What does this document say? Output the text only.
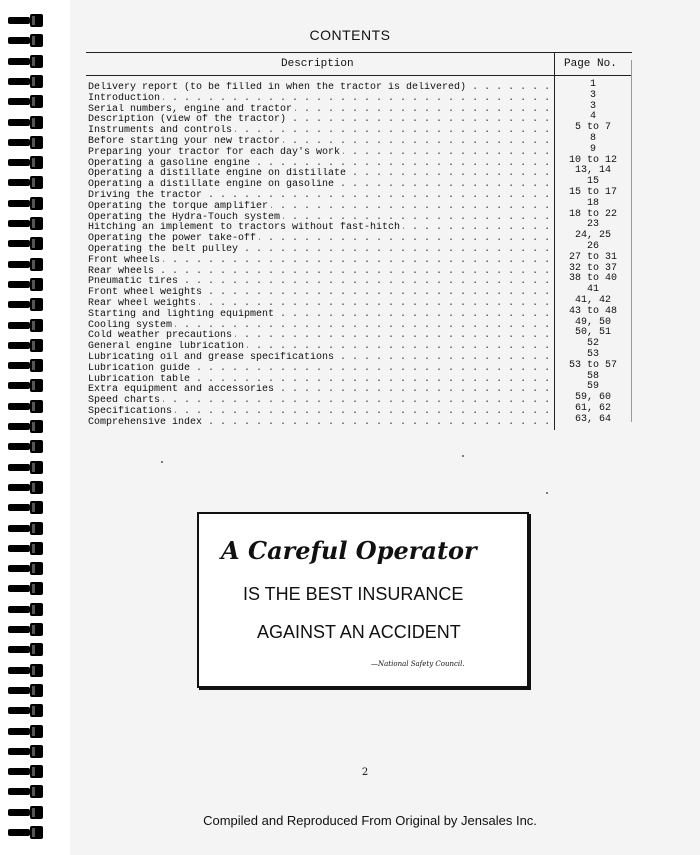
CONTENTS
Description	Page No.
Delivery report (to be filled in when the tractor is delivered) . . .	1
Introduction . . .	3
Serial numbers, engine and tractor . . .	3
Description (view of the tractor) . . .	4
Instruments and controls . . .	5 to 7
Before starting your new tractor . . .	8
Preparing your tractor for each day's work . . .	9
Operating a gasoline engine . . .	10 to 12
Operating a distillate engine on distillate . . .	13, 14
Operating a distillate engine on gasoline . . .	15
Driving the tractor . . .	15 to 17
Operating the torque amplifier . . .	18
Operating the Hydra-Touch system . . .	18 to 22
Hitching an implement to tractors without fast-hitch . . .	23
Operating the power take-off . . .	24, 25
Operating the belt pulley . . .	26
Front wheels . . .	27 to 31
Rear wheels . . .	32 to 37
Pneumatic tires . . .	38 to 40
Front wheel weights . . .	41
Rear wheel weights . . .	41, 42
Starting and lighting equipment . . .	43 to 48
Cooling system . . .	49, 50
Cold weather precautions . . .	50, 51
General engine lubrication . . .	52
Lubricating oil and grease specifications . . .	53
Lubrication guide . . .	53 to 57
Lubrication table . . .	58
Extra equipment and accessories . . .	59
Speed charts . . .	59, 60
Specifications . . .	61, 62
Comprehensive index . . .	63, 64
A Careful Operator
IS THE BEST INSURANCE
AGAINST AN ACCIDENT
—National Safety Council.
2
Compiled and Reproduced From Original by Jensales Inc.
